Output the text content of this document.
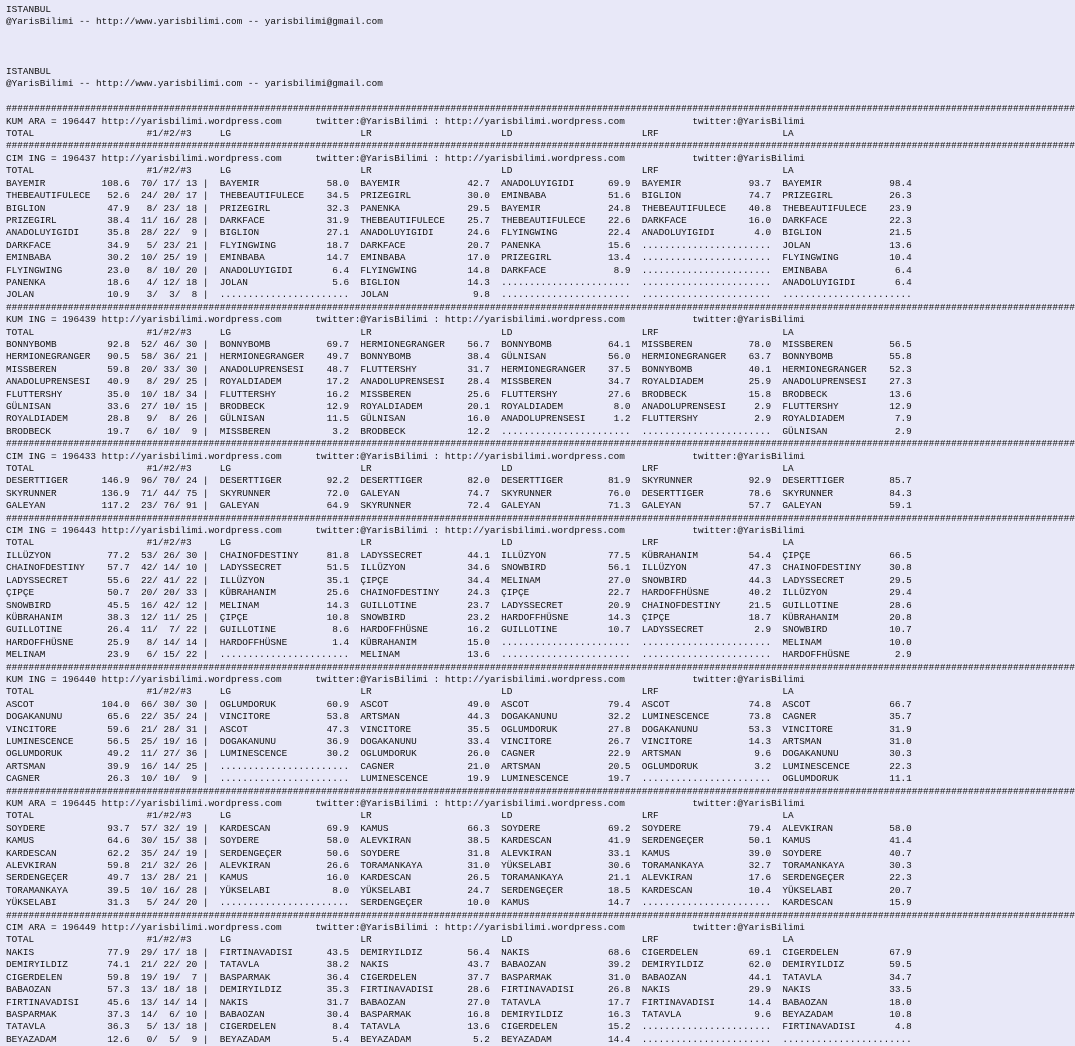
ISTANBUL
@YarisBilimi -- http://www.yarisbilimi.com -- yarisbilimi@gmail.com

ISTANBUL
@YarisBilimi -- http://www.yarisbilimi.com -- yarisbilimi@gmail.com

##############################################################################################################################################################################################
KUM ARA = 196447 http://yarisbilimi.wordpress.com      twitter:@YarisBilimi : http://yarisbilimi.wordpress.com            twitter:@YarisBilimi
TOTAL                    #1/#2/#3     LG                       LR                       LD                       LRF                      LA
##############################################################################################################################################################################################
CIM ING = 196437 http://yarisbilimi.wordpress.com      twitter:@YarisBilimi : http://yarisbilimi.wordpress.com            twitter:@YarisBilimi
TOTAL                    #1/#2/#3     LG                       LR                       LD                       LRF                      LA
BAYEMIR          108.6  70/ 17/ 13 |  BAYEMIR            58.0  BAYEMIR            42.7  ANADOLUYIGIDI      69.9  BAYEMIR            93.7  BAYEMIR            98.4
THEBEAUTIFULECE   52.6  24/ 20/ 17 |  THEBEAUTIFULECE    34.5  PRIZEGIRL          30.0  EMINBABA           51.6  BIGLION            74.7  PRIZEGIRL          26.3
BIGLION           47.9   8/ 23/ 18 |  PRIZEGIRL          32.3  PANENKA            29.5  BAYEMIR            24.8  THEBEAUTIFULECE    40.8  THEBEAUTIFULECE    23.9
PRIZEGIRL         38.4  11/ 16/ 28 |  DARKFACE           31.9  THEBEAUTIFULECE    25.7  THEBEAUTIFULECE    22.6  DARKFACE           16.0  DARKFACE           22.3
ANADOLUYIGIDI     35.8  28/ 22/  9 |  BIGLION            27.1  ANADOLUYIGIDI      24.6  FLYINGWING         22.4  ANADOLUYIGIDI       4.0  BIGLION            21.5
DARKFACE          34.9   5/ 23/ 21 |  FLYINGWING         18.7  DARKFACE           20.7  PANENKA            15.6  .......................  JOLAN              13.6
EMINBABA          30.2  10/ 25/ 19 |  EMINBABA           14.7  EMINBABA           17.0  PRIZEGIRL          13.4  .......................  FLYINGWING         10.4
FLYINGWING        23.0   8/ 10/ 20 |  ANADOLUYIGIDI       6.4  FLYINGWING         14.8  DARKFACE            8.9  .......................  EMINBABA            6.4
PANENKA           18.6   4/ 12/ 18 |  JOLAN               5.6  BIGLION            14.3  .......................  .......................  ANADOLUYIGIDI       6.4
JOLAN             10.9   3/  3/  8 |  .......................  JOLAN               9.8  .......................  .......................  .......................
##############################################################################################################################################################################################
KUM ING = 196439 http://yarisbilimi.wordpress.com      twitter:@YarisBilimi : http://yarisbilimi.wordpress.com            twitter:@YarisBilimi
TOTAL                    #1/#2/#3     LG                       LR                       LD                       LRF                      LA
BONNYBOMB         92.8  52/ 46/ 30 |  BONNYBOMB          69.7  HERMIONEGRANGER    56.7  BONNYBOMB          64.1  MISSBEREN          78.0  MISSBEREN          56.5
HERMIONEGRANGER   90.5  58/ 36/ 21 |  HERMIONEGRANGER    49.7  BONNYBOMB          38.4  GÜLNISAN           56.0  HERMIONEGRANGER    63.7  BONNYBOMB          55.8
MISSBEREN         59.8  20/ 33/ 30 |  ANADOLUPRENSESI    48.7  FLUTTERSHY         31.7  HERMIONEGRANGER    37.5  BONNYBOMB          40.1  HERMIONEGRANGER    52.3
ANADOLUPRENSESI   40.9   8/ 29/ 25 |  ROYALDIADEM        17.2  ANADOLUPRENSESI    28.4  MISSBEREN          34.7  ROYALDIADEM        25.9  ANADOLUPRENSESI    27.3
FLUTTERSHY        35.0  10/ 18/ 34 |  FLUTTERSHY         16.2  MISSBEREN          25.6  FLUTTERSHY         27.6  BRODBECK           15.8  BRODBECK           13.6
GÜLNISAN          33.6  27/ 10/ 15 |  BRODBECK           12.9  ROYALDIADEM        20.1  ROYALDIADEM         8.0  ANADOLUPRENSESI     2.9  FLUTTERSHY         12.9
ROYALDIADEM       28.8   9/  8/ 26 |  GÜLNISAN           11.5  GÜLNISAN           16.0  ANADOLUPRENSESI     1.2  FLUTTERSHY          2.9  ROYALDIADEM         7.9
BRODBECK          19.7   6/ 10/  9 |  MISSBEREN           3.2  BRODBECK           12.2  .......................  .......................  GÜLNISAN            2.9
##############################################################################################################################################################################################
CIM ING = 196433 http://yarisbilimi.wordpress.com      twitter:@YarisBilimi : http://yarisbilimi.wordpress.com            twitter:@YarisBilimi
TOTAL                    #1/#2/#3     LG                       LR                       LD                       LRF                      LA
DESERTTIGER      146.9  96/ 70/ 24 |  DESERTTIGER        92.2  DESERTTIGER        82.0  DESERTTIGER        81.9  SKYRUNNER          92.9  DESERTTIGER        85.7
SKYRUNNER        136.9  71/ 44/ 75 |  SKYRUNNER          72.0  GALEYAN            74.7  SKYRUNNER          76.0  DESERTTIGER        78.6  SKYRUNNER          84.3
GALEYAN          117.2  23/ 76/ 91 |  GALEYAN            64.9  SKYRUNNER          72.4  GALEYAN            71.3  GALEYAN            57.7  GALEYAN            59.1
##############################################################################################################################################################################################
CIM ING = 196443 http://yarisbilimi.wordpress.com      twitter:@YarisBilimi : http://yarisbilimi.wordpress.com            twitter:@YarisBilimi
TOTAL                    #1/#2/#3     LG                       LR                       LD                       LRF                      LA
ILLÜZYON          77.2  53/ 26/ 30 |  CHAINOFDESTINY     81.8  LADYSSECRET        44.1  ILLÜZYON           77.5  KÜBRAHANIM         54.4  ÇIPÇE              66.5
CHAINOFDESTINY    57.7  42/ 14/ 10 |  LADYSSECRET        51.5  ILLÜZYON           34.6  SNOWBIRD           56.1  ILLÜZYON           47.3  CHAINOFDESTINY     30.8
LADYSSECRET       55.6  22/ 41/ 22 |  ILLÜZYON           35.1  ÇIPÇE              34.4  MELINAM            27.0  SNOWBIRD           44.3  LADYSSECRET        29.5
ÇIPÇE             50.7  20/ 20/ 33 |  KÜBRAHANIM         25.6  CHAINOFDESTINY     24.3  ÇIPÇE              22.7  HARDOFFHÜSNE       40.2  ILLÜZYON           29.4
SNOWBIRD          45.5  16/ 42/ 12 |  MELINAM            14.3  GUILLOTINE         23.7  LADYSSECRET        20.9  CHAINOFDESTINY     21.5  GUILLOTINE         28.6
KÜBRAHANIM        38.3  12/ 11/ 25 |  ÇIPÇE              10.8  SNOWBIRD           23.2  HARDOFFHÜSNE       14.3  ÇIPÇE              18.7  KÜBRAHANIM         20.8
GUILLOTINE        26.4  11/  7/ 22 |  GUILLOTINE          8.6  HARDOFFHÜSNE       16.2  GUILLOTINE         10.7  LADYSSECRET         2.9  SNOWBIRD           10.7
HARDOFFHÜSNE      25.9   8/ 14/ 14 |  HARDOFFHÜSNE        1.4  KÜBRAHANIM         15.0  .......................  .......................  MELINAM            10.0
MELINAM           23.9   6/ 15/ 22 |  .......................  MELINAM            13.6  .......................  .......................  HARDOFFHÜSNE        2.9
##############################################################################################################################################################################################
KUM ING = 196440 http://yarisbilimi.wordpress.com      twitter:@YarisBilimi : http://yarisbilimi.wordpress.com            twitter:@YarisBilimi
TOTAL                    #1/#2/#3     LG                       LR                       LD                       LRF                      LA
ASCOT            104.0  66/ 30/ 30 |  OGLUMDORUK         60.9  ASCOT              49.0  ASCOT              79.4  ASCOT              74.8  ASCOT              66.7
DOGAKANUNU        65.6  22/ 35/ 24 |  VINCITORE          53.8  ARTSMAN            44.3  DOGAKANUNU         32.2  LUMINESCENCE       73.8  CAGNER             35.7
VINCITORE         59.6  21/ 28/ 31 |  ASCOT              47.3  VINCITORE          35.5  OGLUMDORUK         27.8  DOGAKANUNU         53.3  VINCITORE          31.9
LUMINESCENCE      56.5  25/ 19/ 16 |  DOGAKANUNU         36.9  DOGAKANUNU         33.4  VINCITORE          26.7  VINCITORE          14.3  ARTSMAN            31.0
OGLUMDORUK        49.2  11/ 27/ 36 |  LUMINESCENCE       30.2  OGLUMDORUK         26.0  CAGNER             22.9  ARTSMAN             9.6  DOGAKANUNU         30.3
ARTSMAN           39.9  16/ 14/ 25 |  .......................  CAGNER             21.0  ARTSMAN            20.5  OGLUMDORUK          3.2  LUMINESCENCE       22.3
CAGNER            26.3  10/ 10/  9 |  .......................  LUMINESCENCE       19.9  LUMINESCENCE       19.7  .......................  OGLUMDORUK         11.1
##############################################################################################################################################################################################
KUM ARA = 196445 http://yarisbilimi.wordpress.com      twitter:@YarisBilimi : http://yarisbilimi.wordpress.com            twitter:@YarisBilimi
TOTAL                    #1/#2/#3     LG                       LR                       LD                       LRF                      LA
SOYDERE           93.7  57/ 32/ 19 |  KARDESCAN          69.9  KAMUS              66.3  SOYDERE            69.2  SOYDERE            79.4  ALEVKIRAN          58.0
KAMUS             64.6  30/ 15/ 38 |  SOYDERE            58.0  ALEVKIRAN          38.5  KARDESCAN          41.9  SERDENGEÇER        50.1  KAMUS              41.4
KARDESCAN         62.2  35/ 24/ 19 |  SERDENGEÇER        50.6  SOYDERE            31.8  ALEVKIRAN          33.1  KAMUS              39.0  SOYDERE            40.7
ALEVKIRAN         59.8  21/ 32/ 26 |  ALEVKIRAN          26.6  TORAMANKAYA        31.0  YÜKSELABI          30.6  TORAMANKAYA        32.7  TORAMANKAYA        30.3
SERDENGEÇER       49.7  13/ 28/ 21 |  KAMUS              16.0  KARDESCAN          26.5  TORAMANKAYA        21.1  ALEVKIRAN          17.6  SERDENGEÇER        22.3
TORAMANKAYA       39.5  10/ 16/ 28 |  YÜKSELABI           8.0  YÜKSELABI          24.7  SERDENGEÇER        18.5  KARDESCAN          10.4  YÜKSELABI          20.7
YÜKSELABI         31.3   5/ 24/ 20 |  .......................  SERDENGEÇER        10.0  KAMUS              14.7  .......................  KARDESCAN          15.9
##############################################################################################################################################################################################
CIM ARA = 196449 http://yarisbilimi.wordpress.com      twitter:@YarisBilimi : http://yarisbilimi.wordpress.com            twitter:@YarisBilimi
TOTAL                    #1/#2/#3     LG                       LR                       LD                       LRF                      LA
NAKIS             77.9  29/ 17/ 18 |  FIRTINAVADISI      43.5  DEMIRYILDIZ        56.4  NAKIS              68.6  CIGERDELEN         69.1  CIGERDELEN         67.9
DEMIRYILDIZ       74.1  21/ 22/ 20 |  TATAVLA            38.2  NAKIS              43.7  BABAOZAN           39.2  DEMIRYILDIZ        62.0  DEMIRYILDIZ        59.5
CIGERDELEN        59.8  19/ 19/  7 |  BASPARMAK          36.4  CIGERDELEN         37.7  BASPARMAK          31.0  BABAOZAN           44.1  TATAVLA            34.7
BABAOZAN          57.3  13/ 18/ 18 |  DEMIRYILDIZ        35.3  FIRTINAVADISI      28.6  FIRTINAVADISI      26.8  NAKIS              29.9  NAKIS              33.5
FIRTINAVADISI     45.6  13/ 14/ 14 |  NAKIS              31.7  BABAOZAN           27.0  TATAVLA            17.7  FIRTINAVADISI      14.4  BABAOZAN           18.0
BASPARMAK         37.3  14/  6/ 10 |  BABAOZAN           30.4  BASPARMAK          16.8  DEMIRYILDIZ        16.3  TATAVLA             9.6  BEYAZADAM          10.8
TATAVLA           36.3   5/ 13/ 18 |  CIGERDELEN          8.4  TATAVLA            13.6  CIGERDELEN         15.2  .......................  FIRTINAVADISI       4.8
BEYAZADAM         12.6   0/  5/  9 |  BEYAZADAM           5.4  BEYAZADAM           5.2  BEYAZADAM          14.4  .......................  .......................
